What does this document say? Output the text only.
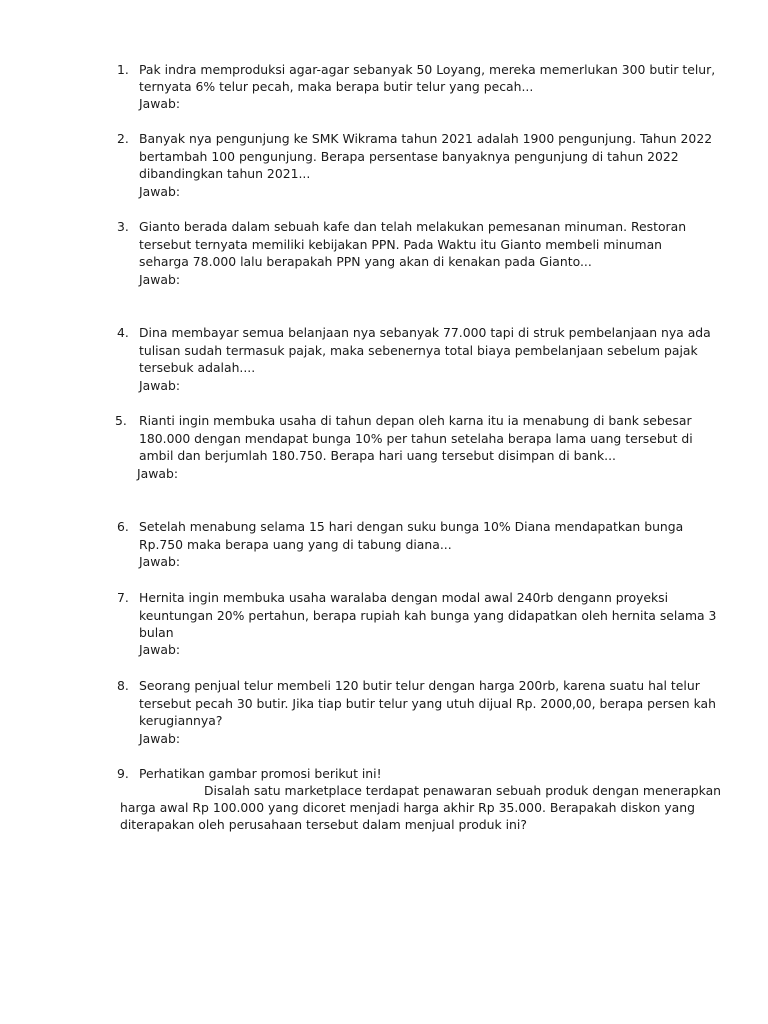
1. Pak indra memproduksi agar-agar sebanyak 50 Loyang, mereka memerlukan 300 butir telur,
ternyata 6% telur pecah, maka berapa butir telur yang pecah...
Jawab:
2. Banyak nya pengunjung ke SMK Wikrama tahun 2021 adalah 1900 pengunjung. Tahun 2022
bertambah 100 pengunjung. Berapa persentase banyaknya pengunjung di tahun 2022
dibandingkan tahun 2021...
Jawab:
3. Gianto berada dalam sebuah kafe dan telah melakukan pemesanan minuman. Restoran
tersebut ternyata memiliki kebijakan PPN. Pada Waktu itu Gianto membeli minuman
seharga 78.000 lalu berapakah PPN yang akan di kenakan pada Gianto...
Jawab:
4. Dina membayar semua belanjaan nya sebanyak 77.000 tapi di struk pembelanjaan nya ada
tulisan sudah termasuk pajak, maka sebenernya total biaya pembelanjaan sebelum pajak
tersebuk adalah....
Jawab:
5. Rianti ingin membuka usaha di tahun depan oleh karna itu ia menabung di bank sebesar
180.000 dengan mendapat bunga 10% per tahun setelaha berapa lama uang tersebut di
ambil dan berjumlah 180.750. Berapa hari uang tersebut disimpan di bank...
Jawab:
6. Setelah menabung selama 15 hari dengan suku bunga 10% Diana mendapatkan bunga
Rp.750 maka berapa uang yang di tabung diana...
Jawab:
7. Hernita ingin membuka usaha waralaba dengan modal awal 240rb dengann proyeksi
keuntungan 20% pertahun, berapa rupiah kah bunga yang didapatkan oleh hernita selama 3
bulan
Jawab:
8. Seorang penjual telur membeli 120 butir telur dengan harga 200rb, karena suatu hal telur
tersebut pecah 30 butir. Jika tiap butir telur yang utuh dijual Rp. 2000,00, berapa persen kah
kerugiannya?
Jawab:
9. Perhatikan gambar promosi berikut ini!
Disalah satu marketplace terdapat penawaran sebuah produk dengan menerapkan
harga awal Rp 100.000 yang dicoret menjadi harga akhir Rp 35.000. Berapakah diskon yang
diterapakan oleh perusahaan tersebut dalam menjual produk ini?
